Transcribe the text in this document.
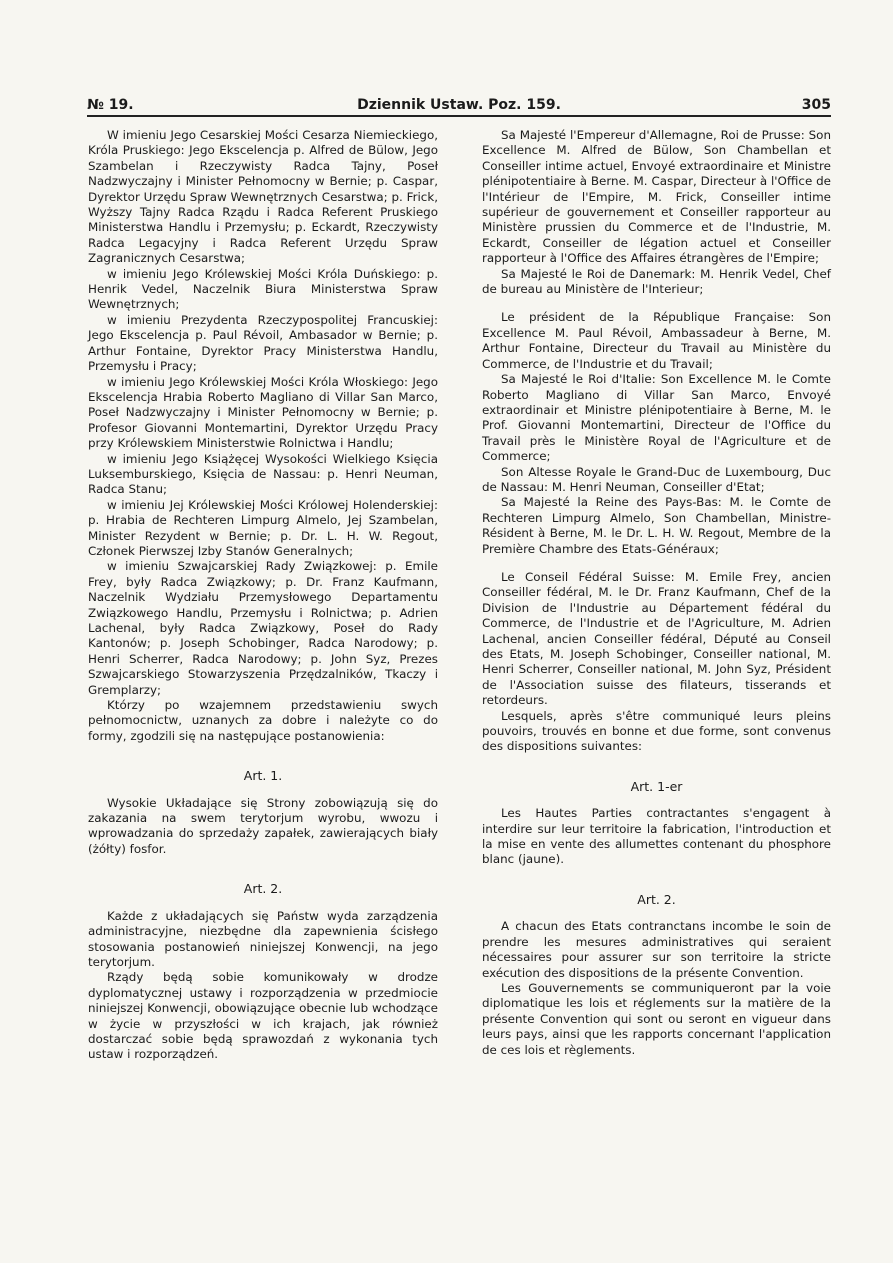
№ 19.	Dziennik Ustaw. Poz. 159.	305

W imieniu Jego Cesarskiej Mości Cesarza Niemieckiego, Króla Pruskiego: Jego Ekscelencja p. Alfred de Bülow, Jego Szambelan i Rzeczywisty Radca Tajny, Poseł Nadzwyczajny i Minister Pełnomocny w Bernie; p. Caspar, Dyrektor Urzędu Spraw Wewnętrznych Cesarstwa; p. Frick, Wyższy Tajny Radca Rządu i Radca Referent Pruskiego Ministerstwa Handlu i Przemysłu; p. Eckardt, Rzeczywisty Radca Legacyjny i Radca Referent Urzędu Spraw Zagranicznych Cesarstwa;

w imieniu Jego Królewskiej Mości Króla Duńskiego: p. Henrik Vedel, Naczelnik Biura Ministerstwa Spraw Wewnętrznych;

w imieniu Prezydenta Rzeczypospolitej Francuskiej: Jego Ekscelencja p. Paul Révoil, Ambasador w Bernie; p. Arthur Fontaine, Dyrektor Pracy Ministerstwa Handlu, Przemysłu i Pracy;

w imieniu Jego Królewskiej Mości Króla Włoskiego: Jego Ekscelencja Hrabia Roberto Magliano di Villar San Marco, Poseł Nadzwyczajny i Minister Pełnomocny w Bernie; p. Profesor Giovanni Montemartini, Dyrektor Urzędu Pracy przy Królewskiem Ministerstwie Rolnictwa i Handlu;

w imieniu Jego Książęcej Wysokości Wielkiego Księcia Luksemburskiego, Księcia de Nassau: p. Henri Neuman, Radca Stanu;

w imieniu Jej Królewskiej Mości Królowej Holenderskiej: p. Hrabia de Rechteren Limpurg Almelo, Jej Szambelan, Minister Rezydent w Bernie; p. Dr. L. H. W. Regout, Członek Pierwszej Izby Stanów Generalnych;

w imieniu Szwajcarskiej Rady Związkowej: p. Emile Frey, były Radca Związkowy; p. Dr. Franz Kaufmann, Naczelnik Wydziału Przemysłowego Departamentu Związkowego Handlu, Przemysłu i Rolnictwa; p. Adrien Lachenal, były Radca Związkowy, Poseł do Rady Kantonów; p. Joseph Schobinger, Radca Narodowy; p. Henri Scherrer, Radca Narodowy; p. John Syz, Prezes Szwajcarskiego Stowarzyszenia Przędzalników, Tkaczy i Gremplarzy;

Którzy po wzajemnem przedstawieniu swych pełnomocnictw, uznanych za dobre i należyte co do formy, zgodzili się na następujące postanowienia:

Art. 1.

Wysokie Układające się Strony zobowiązują się do zakazania na swem terytorjum wyrobu, wwozu i wprowadzania do sprzedaży zapałek, zawierających biały (żółty) fosfor.

Art. 2.

Każde z układających się Państw wyda zarządzenia administracyjne, niezbędne dla zapewnienia ścisłego stosowania postanowień niniejszej Konwencji, na jego terytorjum.

Rządy będą sobie komunikowały w drodze dyplomatycznej ustawy i rozporządzenia w przedmiocie niniejszej Konwencji, obowiązujące obecnie lub wchodzące w życie w przyszłości w ich krajach, jak również dostarczać sobie będą sprawozdań z wykonania tych ustaw i rozporządzeń.

Sa Majesté l'Empereur d'Allemagne, Roi de Prusse: Son Excellence M. Alfred de Bülow, Son Chambellan et Conseiller intime actuel, Envoyé extraordinaire et Ministre plénipotentiaire à Berne. M. Caspar, Directeur à l'Office de l'Intérieur de l'Empire, M. Frick, Conseiller intime supérieur de gouvernement et Conseiller rapporteur au Ministère prussien du Commerce et de l'Industrie, M. Eckardt, Conseiller de légation actuel et Conseiller rapporteur à l'Office des Affaires étrangères de l'Empire;

Sa Majesté le Roi de Danemark: M. Henrik Vedel, Chef de bureau au Ministère de l'Interieur;

Le président de la République Française: Son Excellence M. Paul Révoil, Ambassadeur à Berne, M. Arthur Fontaine, Directeur du Travail au Ministère du Commerce, de l'Industrie et du Travail;

Sa Majesté le Roi d'Italie: Son Excellence M. le Comte Roberto Magliano di Villar San Marco, Envoyé extraordinair et Ministre plénipotentiaire à Berne, M. le Prof. Giovanni Montemartini, Directeur de l'Office du Travail près le Ministère Royal de l'Agriculture et de Commerce;

Son Altesse Royale le Grand-Duc de Luxembourg, Duc de Nassau: M. Henri Neuman, Conseiller d'Etat;

Sa Majesté la Reine des Pays-Bas: M. le Comte de Rechteren Limpurg Almelo, Son Chambellan, Ministre-Résident à Berne, M. le Dr. L. H. W. Regout, Membre de la Première Chambre des Etats-Généraux;

Le Conseil Fédéral Suisse: M. Emile Frey, ancien Conseiller fédéral, M. le Dr. Franz Kaufmann, Chef de la Division de l'Industrie au Département fédéral du Commerce, de l'Industrie et de l'Agriculture, M. Adrien Lachenal, ancien Conseiller fédéral, Député au Conseil des Etats, M. Joseph Schobinger, Conseiller national, M. Henri Scherrer, Conseiller national, M. John Syz, Président de l'Association suisse des filateurs, tisserands et retordeurs.

Lesquels, après s'être communiqué leurs pleins pouvoirs, trouvés en bonne et due forme, sont convenus des dispositions suivantes:

Art. 1-er

Les Hautes Parties contractantes s'engagent à interdire sur leur territoire la fabrication, l'introduction et la mise en vente des allumettes contenant du phosphore blanc (jaune).

Art. 2.

A chacun des Etats contranctans incombe le soin de prendre les mesures administratives qui seraient nécessaires pour assurer sur son territoire la stricte exécution des dispositions de la présente Convention.

Les Gouvernements se communiqueront par la voie diplomatique les lois et réglements sur la matière de la présente Convention qui sont ou seront en vigueur dans leurs pays, ainsi que les rapports concernant l'application de ces lois et règlements.
